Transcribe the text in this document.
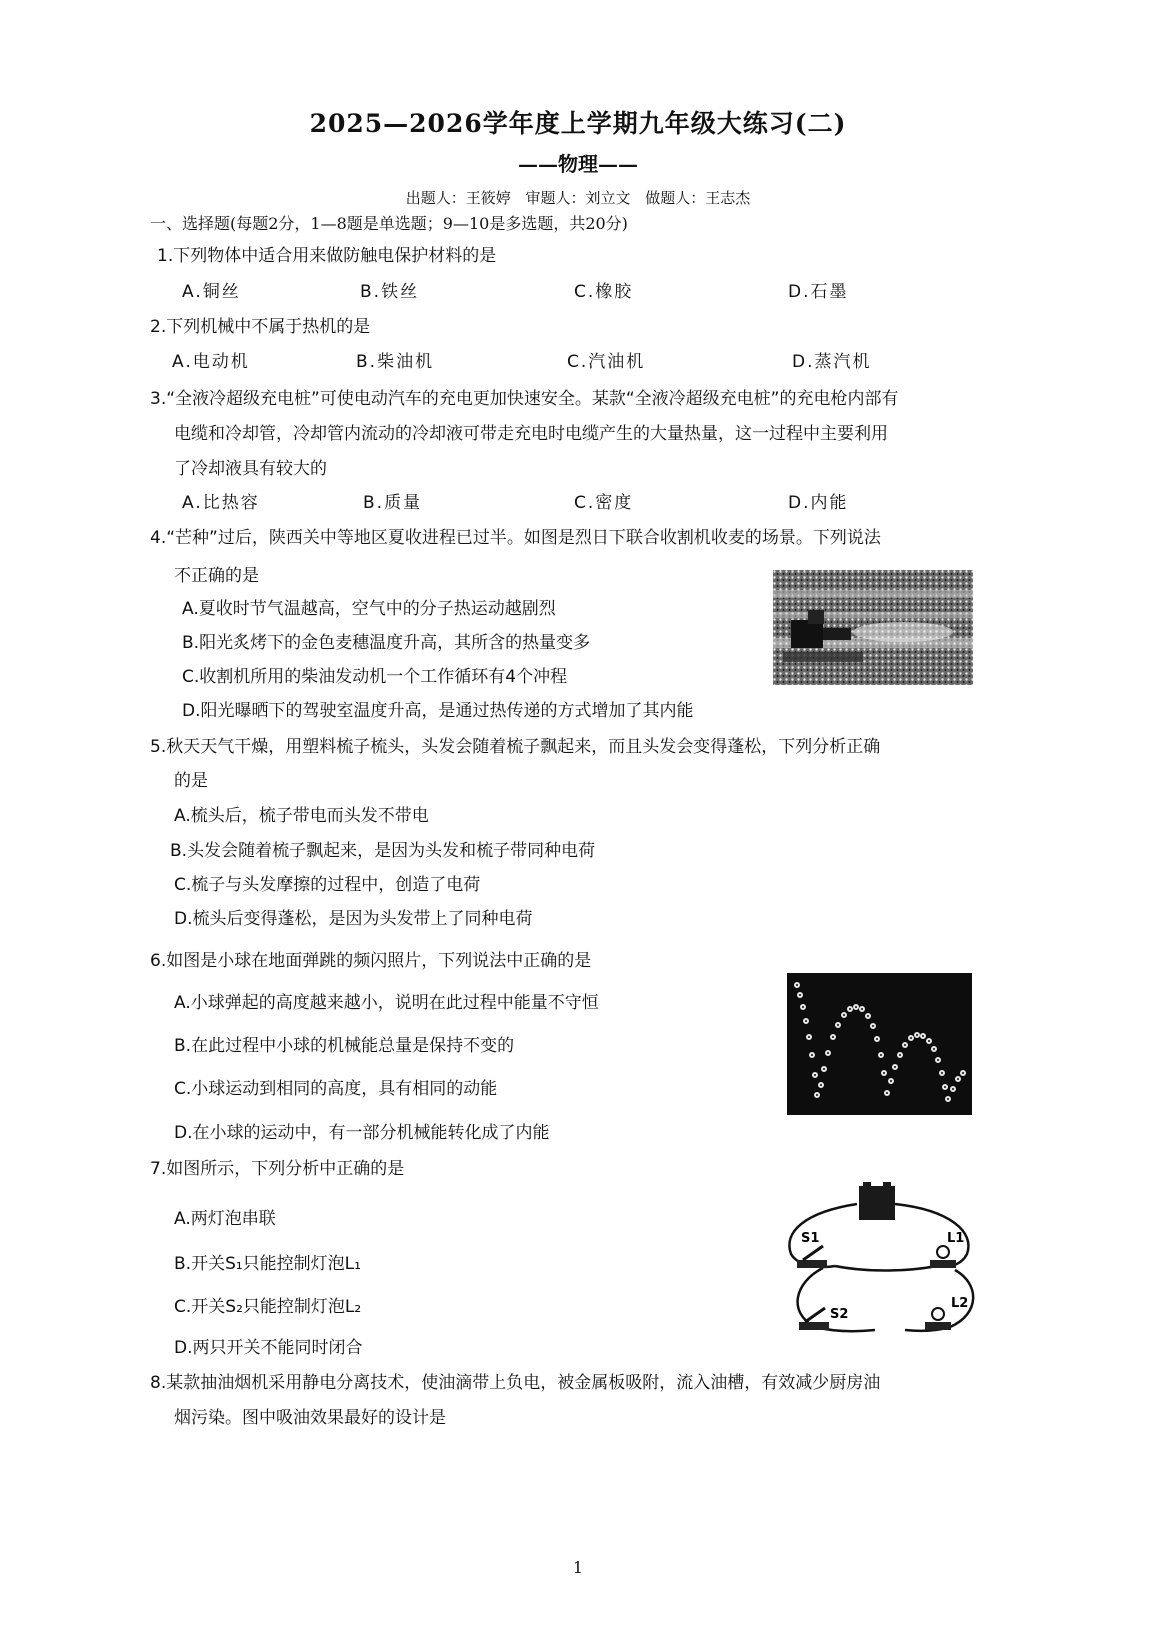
2025—2026学年度上学期九年级大练习(二)
——物理——
出题人：王筱婷 审题人：刘立文 做题人：王志杰
一、选择题(每题2分，1—8题是单选题；9—10是多选题，共20分)
1.下列物体中适合用来做防触电保护材料的是
A.铜丝	B.铁丝	C.橡胶	D.石墨
2.下列机械中不属于热机的是
A.电动机	B.柴油机	C.汽油机	D.蒸汽机
3.“全液冷超级充电桩”可使电动汽车的充电更加快速安全。某款“全液冷超级充电桩”的充电枪内部有
电缆和冷却管，冷却管内流动的冷却液可带走充电时电缆产生的大量热量，这一过程中主要利用
了冷却液具有较大的
A.比热容	B.质量	C.密度	D.内能
4.“芒种”过后，陕西关中等地区夏收进程已过半。如图是烈日下联合收割机收麦的场景。下列说法
不正确的是
A.夏收时节气温越高，空气中的分子热运动越剧烈
B.阳光炙烤下的金色麦穗温度升高，其所含的热量变多
C.收割机所用的柴油发动机一个工作循环有4个冲程
D.阳光曝晒下的驾驶室温度升高，是通过热传递的方式增加了其内能
5.秋天天气干燥，用塑料梳子梳头，头发会随着梳子飘起来，而且头发会变得蓬松，下列分析正确
的是
A.梳头后，梳子带电而头发不带电
B.头发会随着梳子飘起来，是因为头发和梳子带同种电荷
C.梳子与头发摩擦的过程中，创造了电荷
D.梳头后变得蓬松，是因为头发带上了同种电荷
6.如图是小球在地面弹跳的频闪照片，下列说法中正确的是
A.小球弹起的高度越来越小，说明在此过程中能量不守恒
B.在此过程中小球的机械能总量是保持不变的
C.小球运动到相同的高度，具有相同的动能
D.在小球的运动中，有一部分机械能转化成了内能
7.如图所示，下列分析中正确的是
A.两灯泡串联
B.开关S₁只能控制灯泡L₁
C.开关S₂只能控制灯泡L₂
D.两只开关不能同时闭合
S1	L1
S2
L2
8.某款抽油烟机采用静电分离技术，使油滴带上负电，被金属板吸附，流入油槽，有效减少厨房油
烟污染。图中吸油效果最好的设计是
1
